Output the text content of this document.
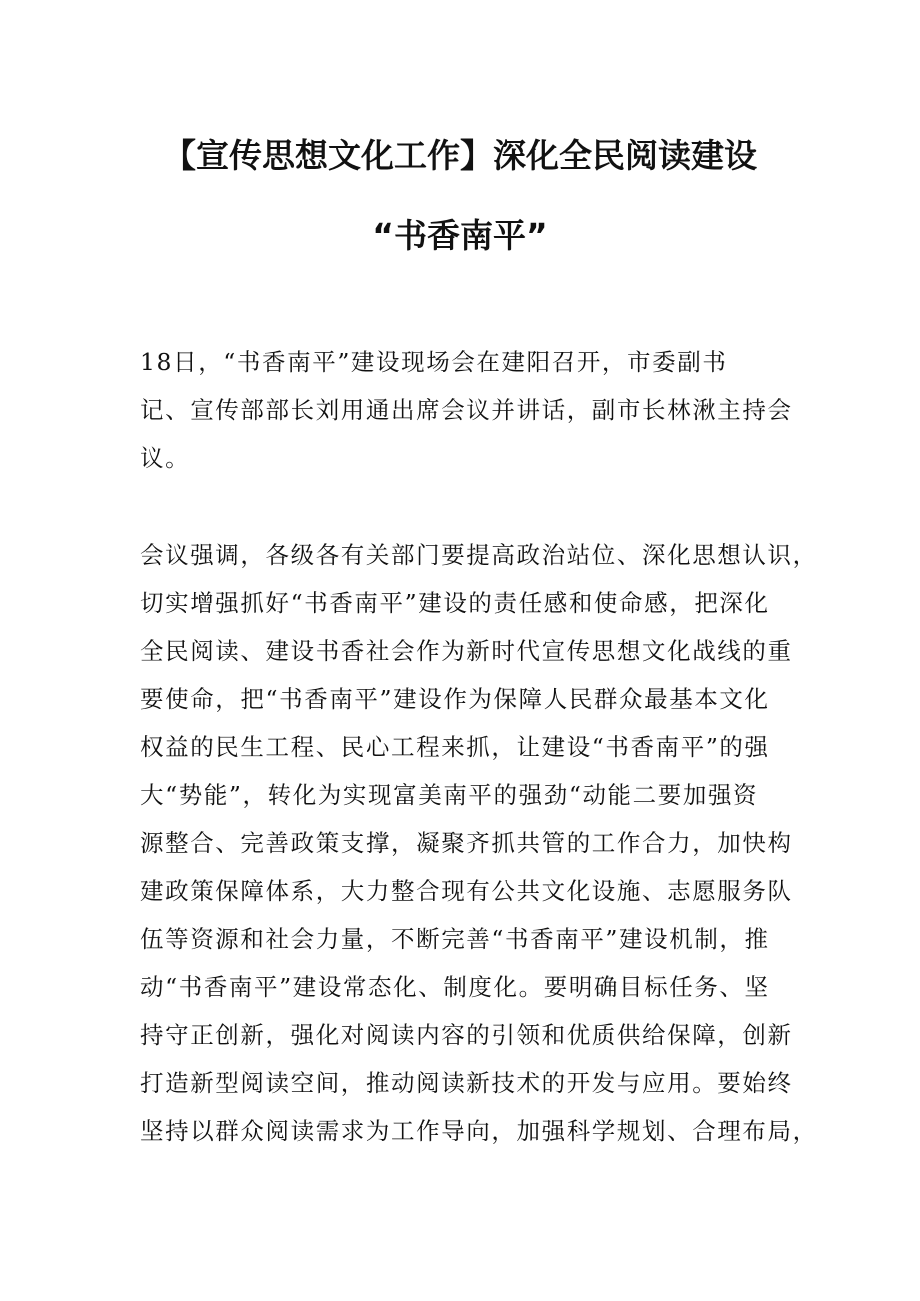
【宣传思想文化工作】深化全民阅读建设
“书香南平”
18日，“书香南平”建设现场会在建阳召开，市委副书
记、宣传部部长刘用通出席会议并讲话，副市长林湫主持会
议。
会议强调，各级各有关部门要提高政治站位、深化思想认识，
切实增强抓好“书香南平”建设的责任感和使命感，把深化
全民阅读、建设书香社会作为新时代宣传思想文化战线的重
要使命，把“书香南平”建设作为保障人民群众最基本文化
权益的民生工程、民心工程来抓，让建设“书香南平”的强
大“势能”，转化为实现富美南平的强劲“动能二要加强资
源整合、完善政策支撑，凝聚齐抓共管的工作合力，加快构
建政策保障体系，大力整合现有公共文化设施、志愿服务队
伍等资源和社会力量，不断完善“书香南平”建设机制，推
动“书香南平”建设常态化、制度化。要明确目标任务、坚
持守正创新，强化对阅读内容的引领和优质供给保障，创新
打造新型阅读空间，推动阅读新技术的开发与应用。要始终
坚持以群众阅读需求为工作导向，加强科学规划、合理布局，
